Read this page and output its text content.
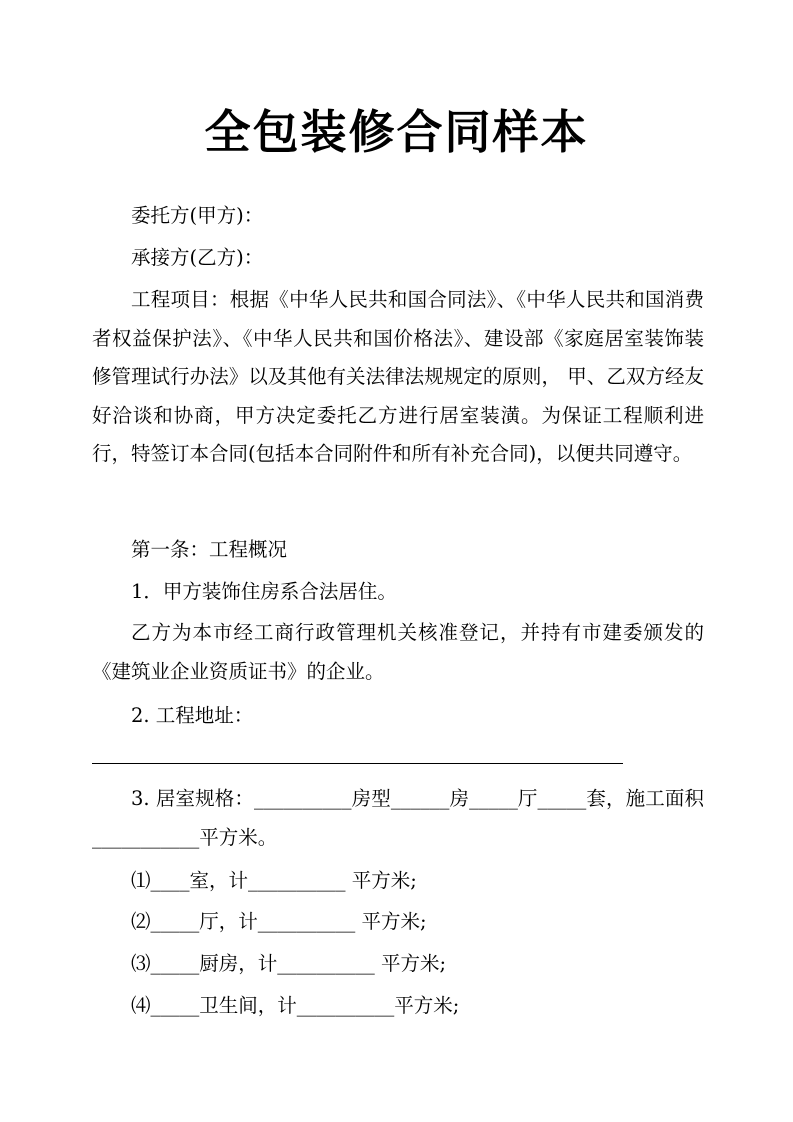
全包装修合同样本
委托方(甲方)：
承接方(乙方)：

工程项目：根据《中华人民共和国合同法》、《中华人民共和国消费者权益保护法》、《中华人民共和国价格法》、建设部《家庭居室装饰装修管理试行办法》以及其他有关法律法规规定的原则， 甲、乙双方经友好洽谈和协商，甲方决定委托乙方进行居室装潢。为保证工程顺利进行，特签订本合同(包括本合同附件和所有补充合同)，以便共同遵守。

第一条：工程概况
1．甲方装饰住房系合法居住。

乙方为本市经工商行政管理机关核准登记，并持有市建委颁发的《建筑业企业资质证书》的企业。

2. 工程地址：

3. 居室规格：__________房型______房_____厅_____套，施工面积___________平方米。

⑴____室，计__________ 平方米;
⑵_____厅，计__________ 平方米;
⑶_____厨房，计__________ 平方米;
⑷_____卫生间，计__________平方米;
